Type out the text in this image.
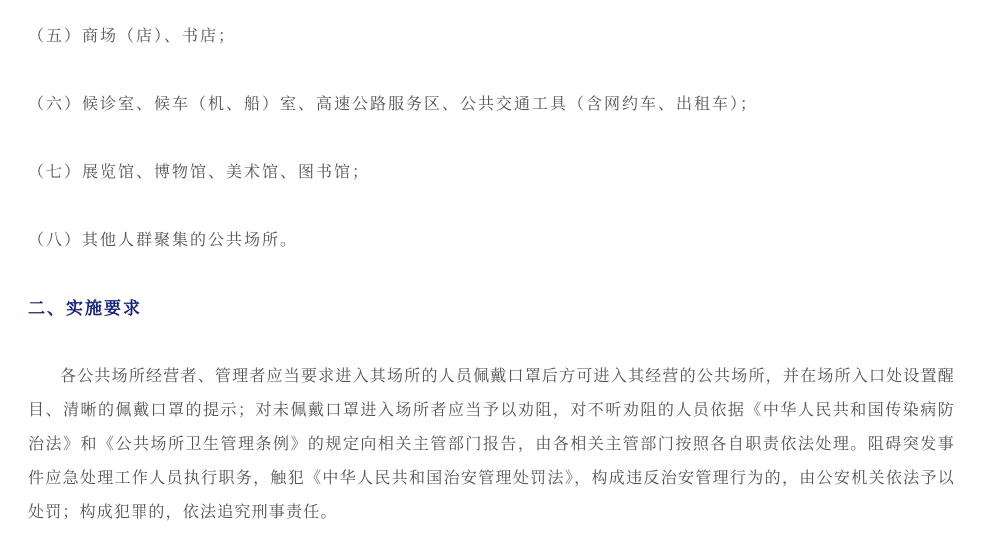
（五）商场（店）、书店；

（六）候诊室、候车（机、船）室、高速公路服务区、公共交通工具（含网约车、出租车）；

（七）展览馆、博物馆、美术馆、图书馆；

（八）其他人群聚集的公共场所。

二、实施要求

各公共场所经营者、管理者应当要求进入其场所的人员佩戴口罩后方可进入其经营的公共场所，并在场所入口处设置醒目、清晰的佩戴口罩的提示；对未佩戴口罩进入场所者应当予以劝阻，对不听劝阻的人员依据《中华人民共和国传染病防治法》和《公共场所卫生管理条例》的规定向相关主管部门报告，由各相关主管部门按照各自职责依法处理。阻碍突发事件应急处理工作人员执行职务，触犯《中华人民共和国治安管理处罚法》，构成违反治安管理行为的，由公安机关依法予以处罚；构成犯罪的，依法追究刑事责任。
